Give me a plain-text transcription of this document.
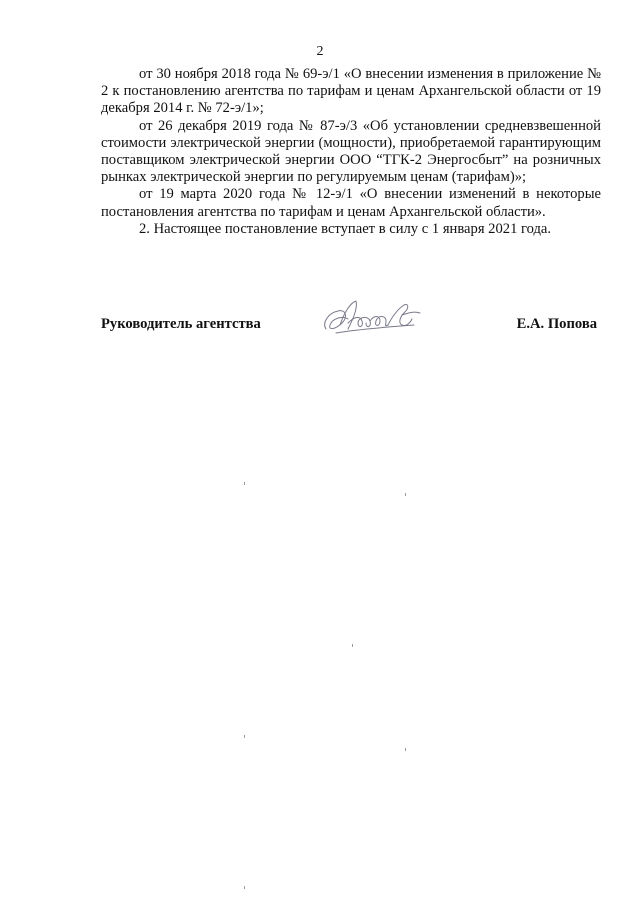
2

от 30 ноября 2018 года № 69-э/1 «О внесении изменения в приложение № 2 к постановлению агентства по тарифам и ценам Архангельской области от 19 декабря 2014 г. № 72-э/1»;

от 26 декабря 2019 года № 87-э/3 «Об установлении средневзвешенной стоимости электрической энергии (мощности), приобретаемой гарантирующим поставщиком электрической энергии ООО “ТГК-2 Энергосбыт” на розничных рынках электрической энергии по регулируемым ценам (тарифам)»;

от 19 марта 2020 года № 12-э/1 «О внесении изменений в некоторые постановления агентства по тарифам и ценам Архангельской области».

2. Настоящее постановление вступает в силу с 1 января 2021 года.

Руководитель агентства	Е.А. Попова
